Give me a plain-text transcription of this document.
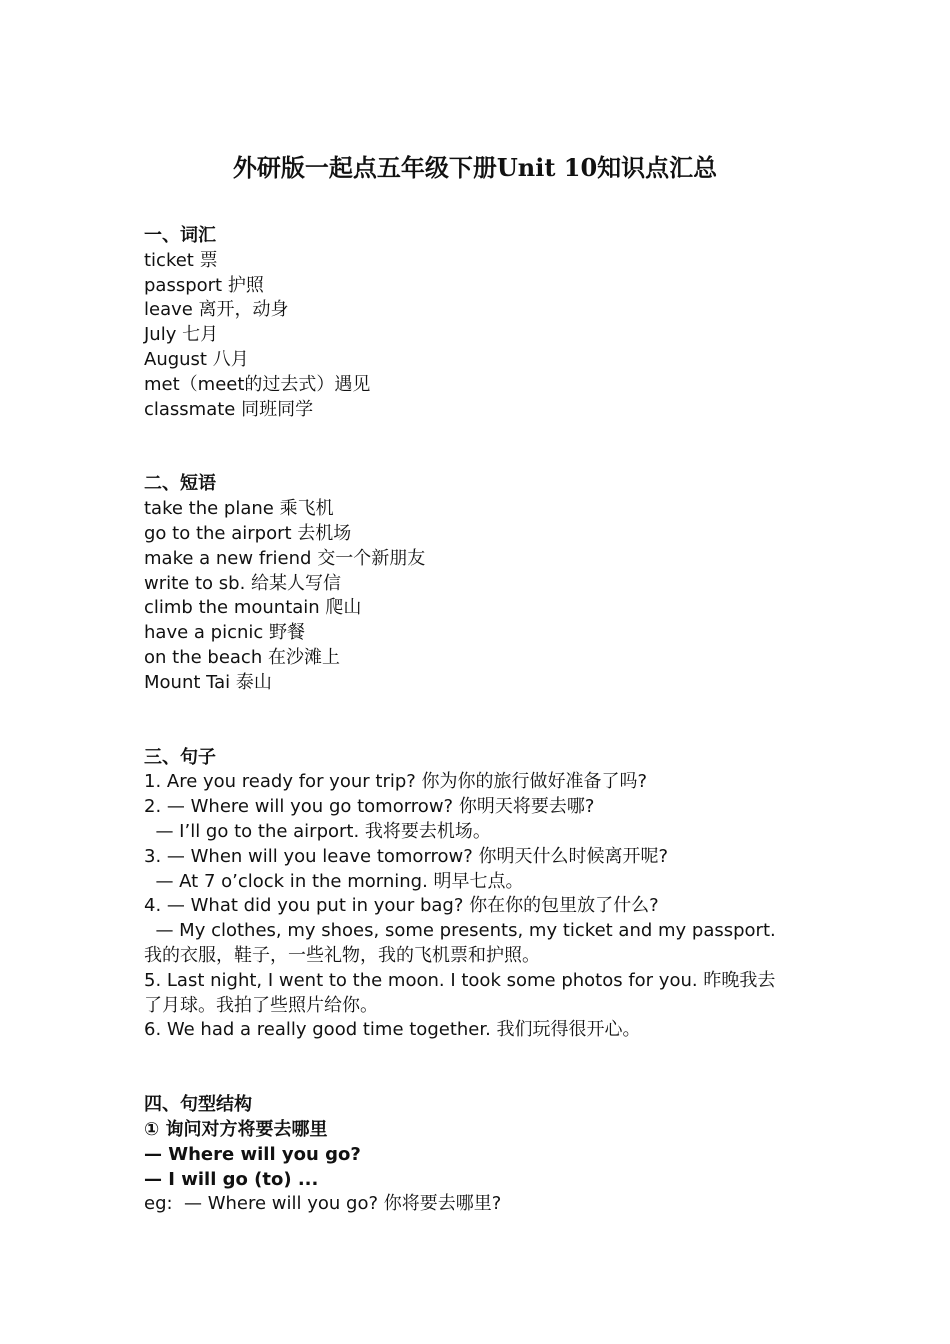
外研版一起点五年级下册Unit 10知识点汇总
一、词汇
ticket 票
passport 护照
leave 离开，动身
July 七月
August 八月
met（meet的过去式）遇见
classmate 同班同学
二、短语
take the plane 乘飞机
go to the airport 去机场
make a new friend 交一个新朋友
write to sb. 给某人写信
climb the mountain 爬山
have a picnic 野餐
on the beach 在沙滩上
Mount Tai 泰山
三、句子
1. Are you ready for your trip? 你为你的旅行做好准备了吗?
2. — Where will you go tomorrow? 你明天将要去哪?
— I’ll go to the airport. 我将要去机场。
3. — When will you leave tomorrow? 你明天什么时候离开呢?
— At 7 o’clock in the morning. 明早七点。
4. — What did you put in your bag? 你在你的包里放了什么?
— My clothes, my shoes, some presents, my ticket and my passport.
我的衣服，鞋子，一些礼物，我的飞机票和护照。
5. Last night, I went to the moon. I took some photos for you. 昨晚我去
了月球。我拍了些照片给你。
6. We had a really good time together. 我们玩得很开心。
四、句型结构
① 询问对方将要去哪里
— Where will you go?
— I will go (to) ...
eg:  — Where will you go? 你将要去哪里?
